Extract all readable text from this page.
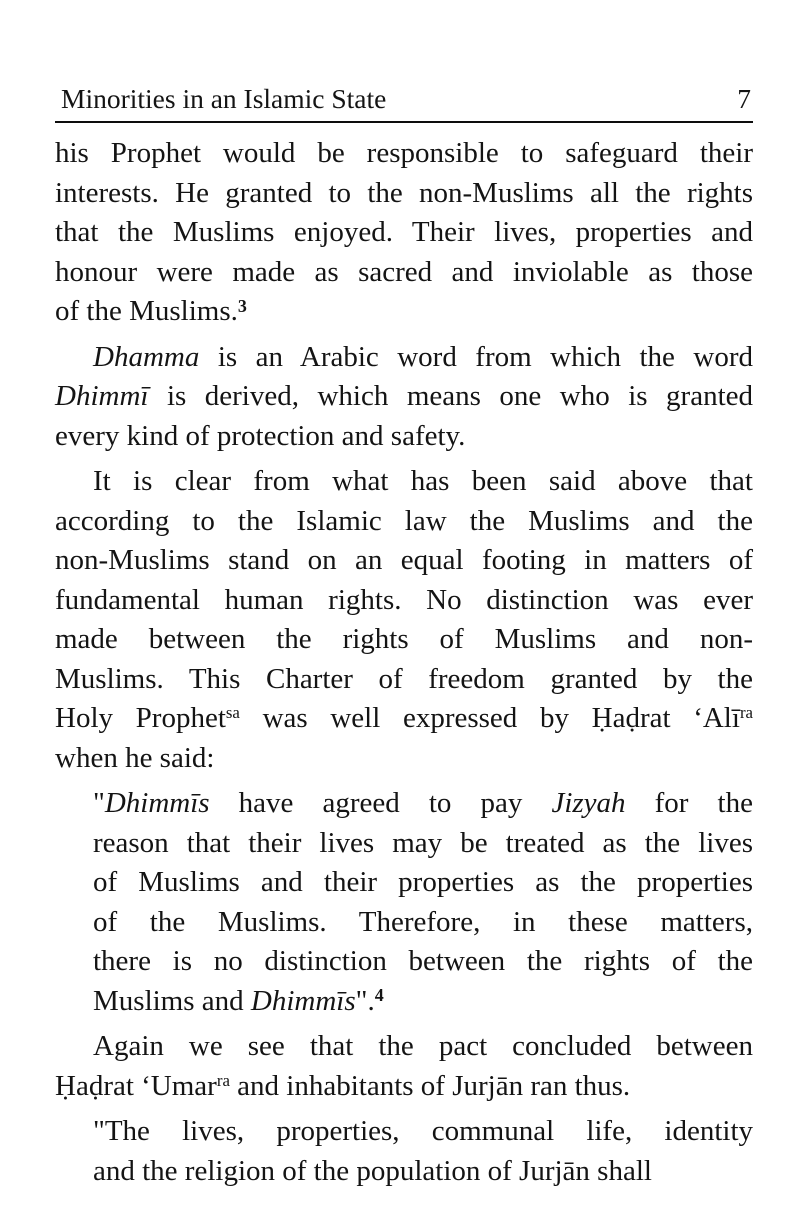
Minorities in an Islamic State	7
his Prophet would be responsible to safeguard their
interests. He granted to the non-Muslims all the rights
that the Muslims enjoyed. Their lives, properties and
honour were made as sacred and inviolable as those
of the Muslims.$^3$
Dhamma is an Arabic word from which the word
Dhimmī is derived, which means one who is granted
every kind of protection and safety.
It is clear from what has been said above that
according to the Islamic law the Muslims and the
non-Muslims stand on an equal footing in matters of
fundamental human rights. No distinction was ever
made between the rights of Muslims and non-
Muslims. This Charter of freedom granted by the
Holy Prophet$^{sa}$ was well expressed by Ḥaḍrat ‘Alī$^{ra}$
when he said:
"Dhimmīs have agreed to pay Jizyah for the
reason that their lives may be treated as the lives
of Muslims and their properties as the properties
of the Muslims. Therefore, in these matters,
there is no distinction between the rights of the
Muslims and Dhimmīs".$^4$
Again we see that the pact concluded between
Ḥaḍrat ‘Umar$^{ra}$ and inhabitants of Jurjān ran thus.
"The lives, properties, communal life, identity
and the religion of the population of Jurjān shall
